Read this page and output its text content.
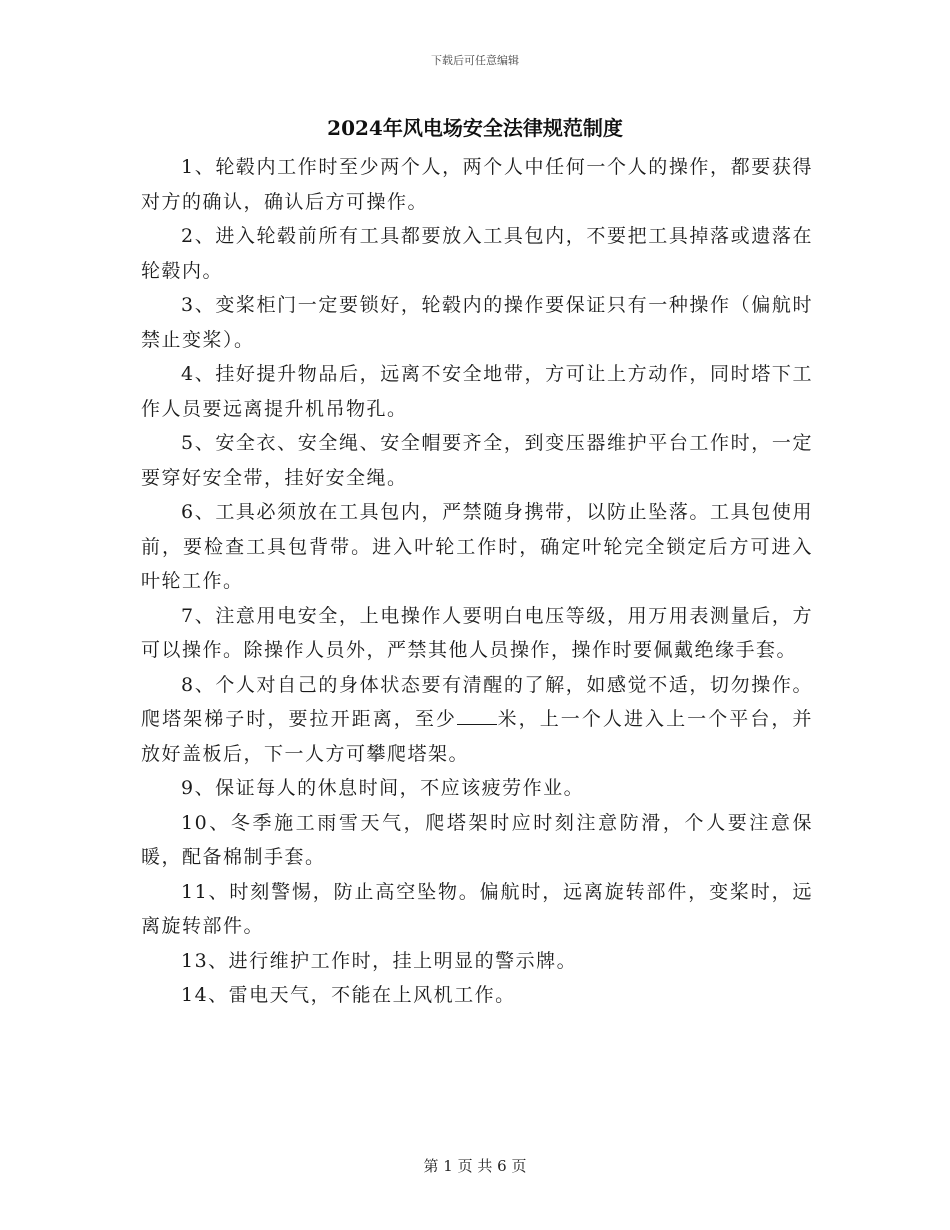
下载后可任意编辑
2024年风电场安全法律规范制度

1、轮毂内工作时至少两个人，两个人中任何一个人的操作，都要获得对方的确认，确认后方可操作。

2、进入轮毂前所有工具都要放入工具包内，不要把工具掉落或遗落在轮毂内。

3、变桨柜门一定要锁好，轮毂内的操作要保证只有一种操作（偏航时禁止变桨）。

4、挂好提升物品后，远离不安全地带，方可让上方动作，同时塔下工作人员要远离提升机吊物孔。

5、安全衣、安全绳、安全帽要齐全，到变压器维护平台工作时，一定要穿好安全带，挂好安全绳。

6、工具必须放在工具包内，严禁随身携带，以防止坠落。工具包使用前，要检查工具包背带。进入叶轮工作时，确定叶轮完全锁定后方可进入叶轮工作。

7、注意用电安全，上电操作人要明白电压等级，用万用表测量后，方可以操作。除操作人员外，严禁其他人员操作，操作时要佩戴绝缘手套。

8、个人对自己的身体状态要有清醒的了解，如感觉不适，切勿操作。爬塔架梯子时，要拉开距离，至少 米，上一个人进入上一个平台，并放好盖板后，下一人方可攀爬塔架。

9、保证每人的休息时间，不应该疲劳作业。

10、冬季施工雨雪天气，爬塔架时应时刻注意防滑，个人要注意保暖，配备棉制手套。

11、时刻警惕，防止高空坠物。偏航时，远离旋转部件，变桨时，远离旋转部件。

13、进行维护工作时，挂上明显的警示牌。

14、雷电天气，不能在上风机工作。

第 1 页 共 6 页
